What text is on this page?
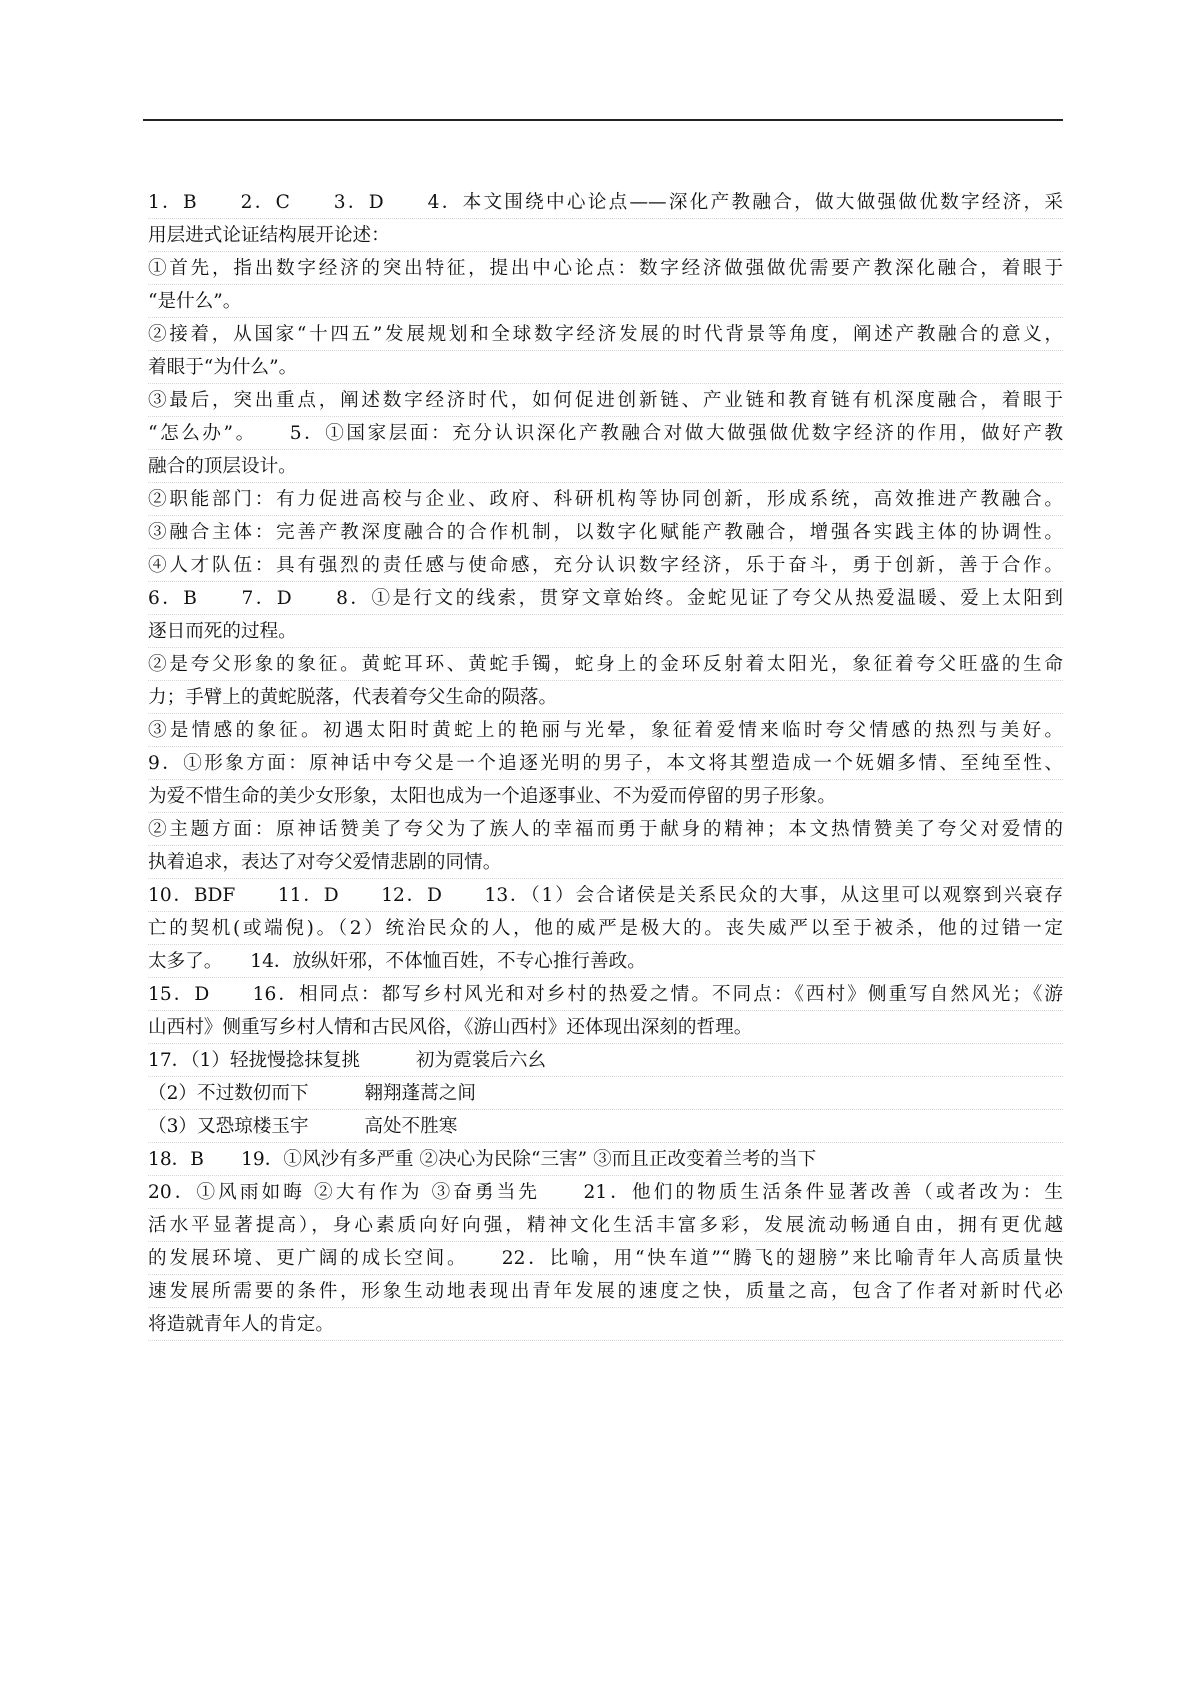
1．B　　2．C　　3．D　　4．本文围绕中心论点——深化产教融合，做大做强做优数字经济，采
用层进式论证结构展开论述：
①首先，指出数字经济的突出特征，提出中心论点：数字经济做强做优需要产教深化融合，着眼于
“是什么”。
②接着，从国家“十四五”发展规划和全球数字经济发展的时代背景等角度，阐述产教融合的意义，
着眼于“为什么”。
③最后，突出重点，阐述数字经济时代，如何促进创新链、产业链和教育链有机深度融合，着眼于
“怎么办”。　　5．①国家层面：充分认识深化产教融合对做大做强做优数字经济的作用，做好产教
融合的顶层设计。
②职能部门：有力促进高校与企业、政府、科研机构等协同创新，形成系统，高效推进产教融合。
③融合主体：完善产教深度融合的合作机制，以数字化赋能产教融合，增强各实践主体的协调性。
④人才队伍：具有强烈的责任感与使命感，充分认识数字经济，乐于奋斗，勇于创新，善于合作。
6．B　　7．D　　8．①是行文的线索，贯穿文章始终。金蛇见证了夸父从热爱温暖、爱上太阳到
逐日而死的过程。
②是夸父形象的象征。黄蛇耳环、黄蛇手镯，蛇身上的金环反射着太阳光，象征着夸父旺盛的生命
力；手臂上的黄蛇脱落，代表着夸父生命的陨落。
③是情感的象征。初遇太阳时黄蛇上的艳丽与光晕，象征着爱情来临时夸父情感的热烈与美好。
9．①形象方面：原神话中夸父是一个追逐光明的男子，本文将其塑造成一个妩媚多情、至纯至性、
为爱不惜生命的美少女形象，太阳也成为一个追逐事业、不为爱而停留的男子形象。
②主题方面：原神话赞美了夸父为了族人的幸福而勇于献身的精神；本文热情赞美了夸父对爱情的
执着追求，表达了对夸父爱情悲剧的同情。
10．BDF　　11．D　　12．D　　13．（1）会合诸侯是关系民众的大事，从这里可以观察到兴衰存
亡的契机(或端倪)。（2）统治民众的人，他的威严是极大的。丧失威严以至于被杀，他的过错一定
太多了。　　14．放纵奸邪，不体恤百姓，不专心推行善政。
15．D　　16．相同点：都写乡村风光和对乡村的热爱之情。不同点：《西村》侧重写自然风光；《游
山西村》侧重写乡村人情和古民风俗，《游山西村》还体现出深刻的哲理。
17．（1）轻拢慢捻抹复挑　　　初为霓裳后六幺
（2）不过数仞而下　　　翱翔蓬蒿之间
（3）又恐琼楼玉宇　　　高处不胜寒
18．B　　19．①风沙有多严重 ②决心为民除“三害” ③而且正改变着兰考的当下
20．①风雨如晦 ②大有作为 ③奋勇当先　　21．他们的物质生活条件显著改善（或者改为：生
活水平显著提高），身心素质向好向强，精神文化生活丰富多彩，发展流动畅通自由，拥有更优越
的发展环境、更广阔的成长空间。　　22．比喻，用“快车道”“腾飞的翅膀”来比喻青年人高质量快
速发展所需要的条件，形象生动地表现出青年发展的速度之快，质量之高，包含了作者对新时代必
将造就青年人的肯定。
